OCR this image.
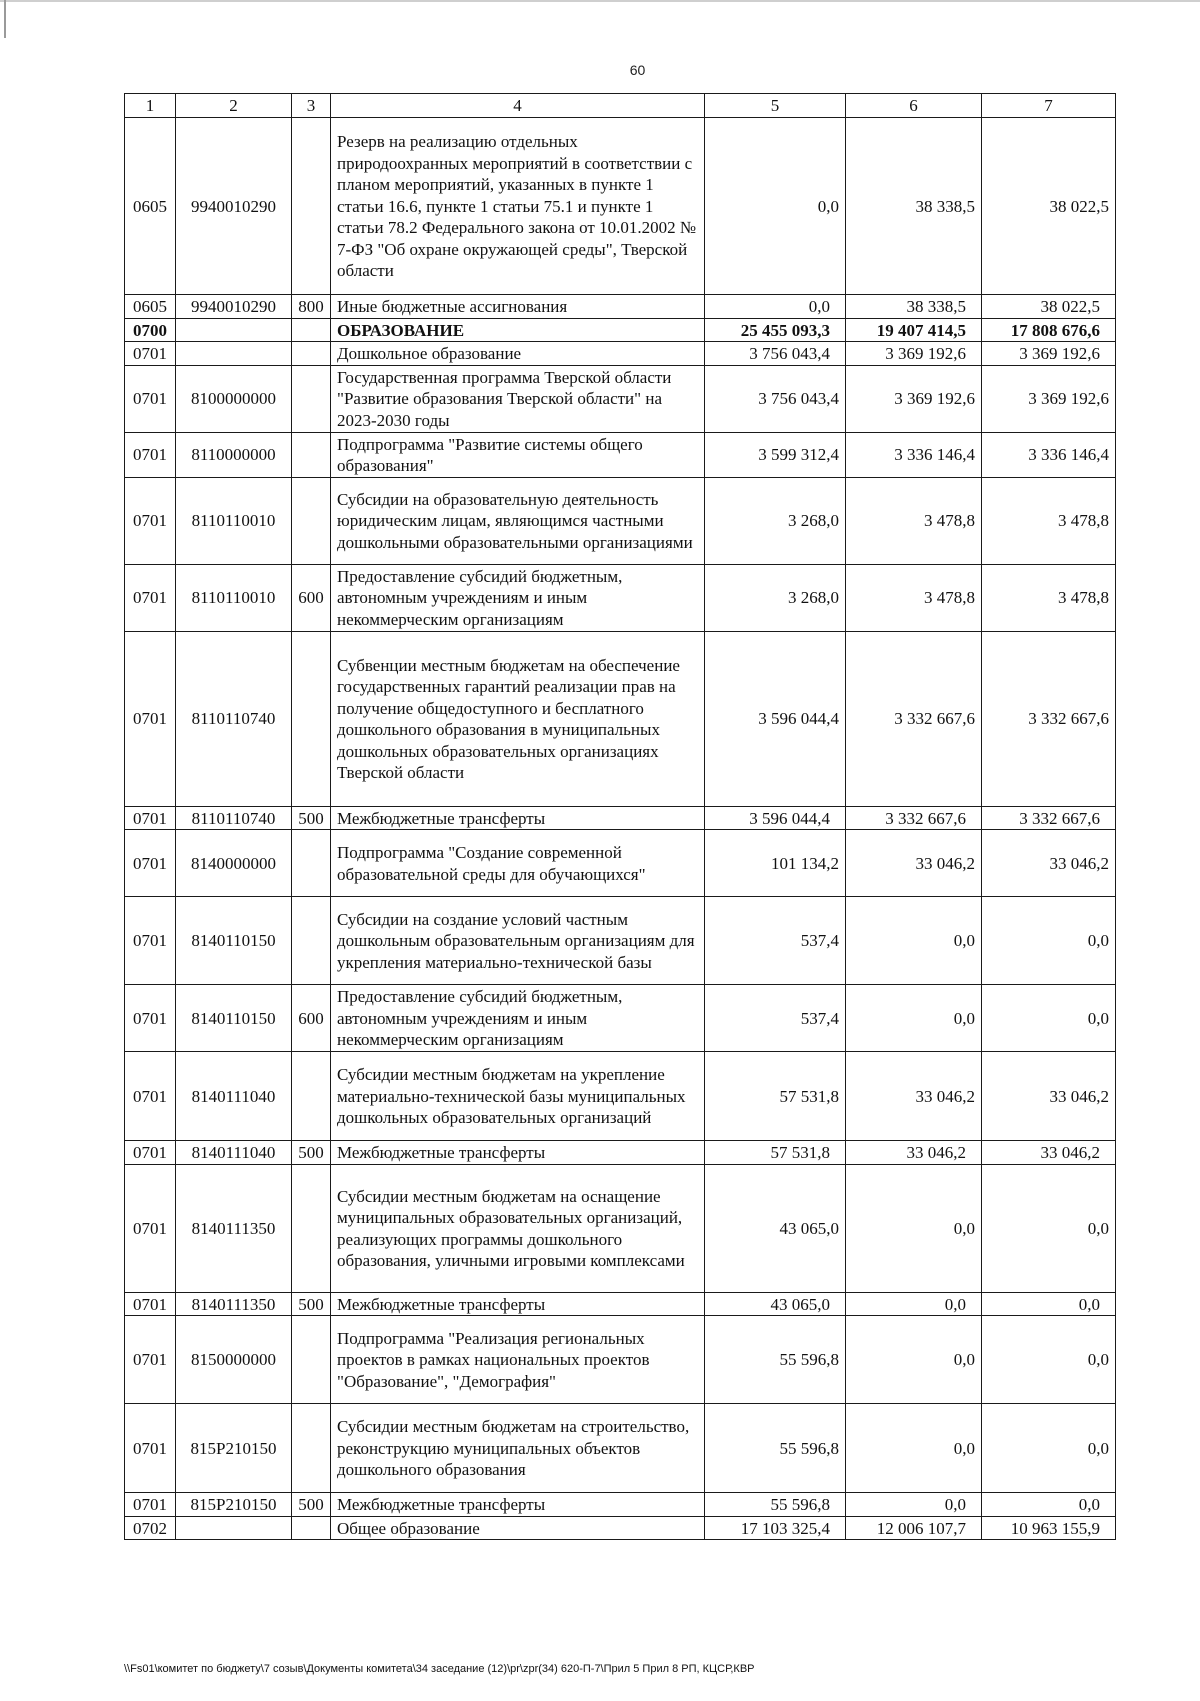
60
1	2	3	4	5	6	7
0605	9940010290		Резерв на реализацию отдельных природоохранных мероприятий в соответствии с планом мероприятий, указанных в пункте 1 статьи 16.6, пункте 1 статьи 75.1 и пункте 1 статьи 78.2 Федерального закона от 10.01.2002 № 7-ФЗ "Об охране окружающей среды", Тверской области	0,0	38 338,5	38 022,5
0605	9940010290	800	Иные бюджетные ассигнования	0,0	38 338,5	38 022,5
0700			ОБРАЗОВАНИЕ	25 455 093,3	19 407 414,5	17 808 676,6
0701			Дошкольное образование	3 756 043,4	3 369 192,6	3 369 192,6
0701	8100000000		Государственная программа Тверской области "Развитие образования Тверской области" на 2023-2030 годы	3 756 043,4	3 369 192,6	3 369 192,6
0701	8110000000		Подпрограмма "Развитие системы общего образования"	3 599 312,4	3 336 146,4	3 336 146,4
0701	8110110010		Субсидии на образовательную деятельность юридическим лицам, являющимся частными дошкольными образовательными организациями	3 268,0	3 478,8	3 478,8
0701	8110110010	600	Предоставление субсидий бюджетным, автономным учреждениям и иным некоммерческим организациям	3 268,0	3 478,8	3 478,8
0701	8110110740		Субвенции местным бюджетам на обеспечение государственных гарантий реализации прав на получение общедоступного и бесплатного дошкольного образования в муниципальных дошкольных образовательных организациях Тверской области	3 596 044,4	3 332 667,6	3 332 667,6
0701	8110110740	500	Межбюджетные трансферты	3 596 044,4	3 332 667,6	3 332 667,6
0701	8140000000		Подпрограмма "Создание современной образовательной среды для обучающихся"	101 134,2	33 046,2	33 046,2
0701	8140110150		Субсидии на создание условий частным дошкольным образовательным организациям для укрепления материально-технической базы	537,4	0,0	0,0
0701	8140110150	600	Предоставление субсидий бюджетным, автономным учреждениям и иным некоммерческим организациям	537,4	0,0	0,0
0701	8140111040		Субсидии местным бюджетам на укрепление материально-технической базы муниципальных дошкольных образовательных организаций	57 531,8	33 046,2	33 046,2
0701	8140111040	500	Межбюджетные трансферты	57 531,8	33 046,2	33 046,2
0701	8140111350		Субсидии местным бюджетам на оснащение муниципальных образовательных организаций, реализующих программы дошкольного образования, уличными игровыми комплексами	43 065,0	0,0	0,0
0701	8140111350	500	Межбюджетные трансферты	43 065,0	0,0	0,0
0701	8150000000		Подпрограмма "Реализация региональных проектов в рамках национальных проектов "Образование", "Демография"	55 596,8	0,0	0,0
0701	815P210150		Субсидии местным бюджетам на строительство, реконструкцию муниципальных объектов дошкольного образования	55 596,8	0,0	0,0
0701	815P210150	500	Межбюджетные трансферты	55 596,8	0,0	0,0
0702			Общее образование	17 103 325,4	12 006 107,7	10 963 155,9
\\Fs01\комитет по бюджету\7 созыв\Документы комитета\34 заседание (12)\pr\zpr(34) 620-П-7\Прил 5 Прил 8 РП, КЦСР,КВР
